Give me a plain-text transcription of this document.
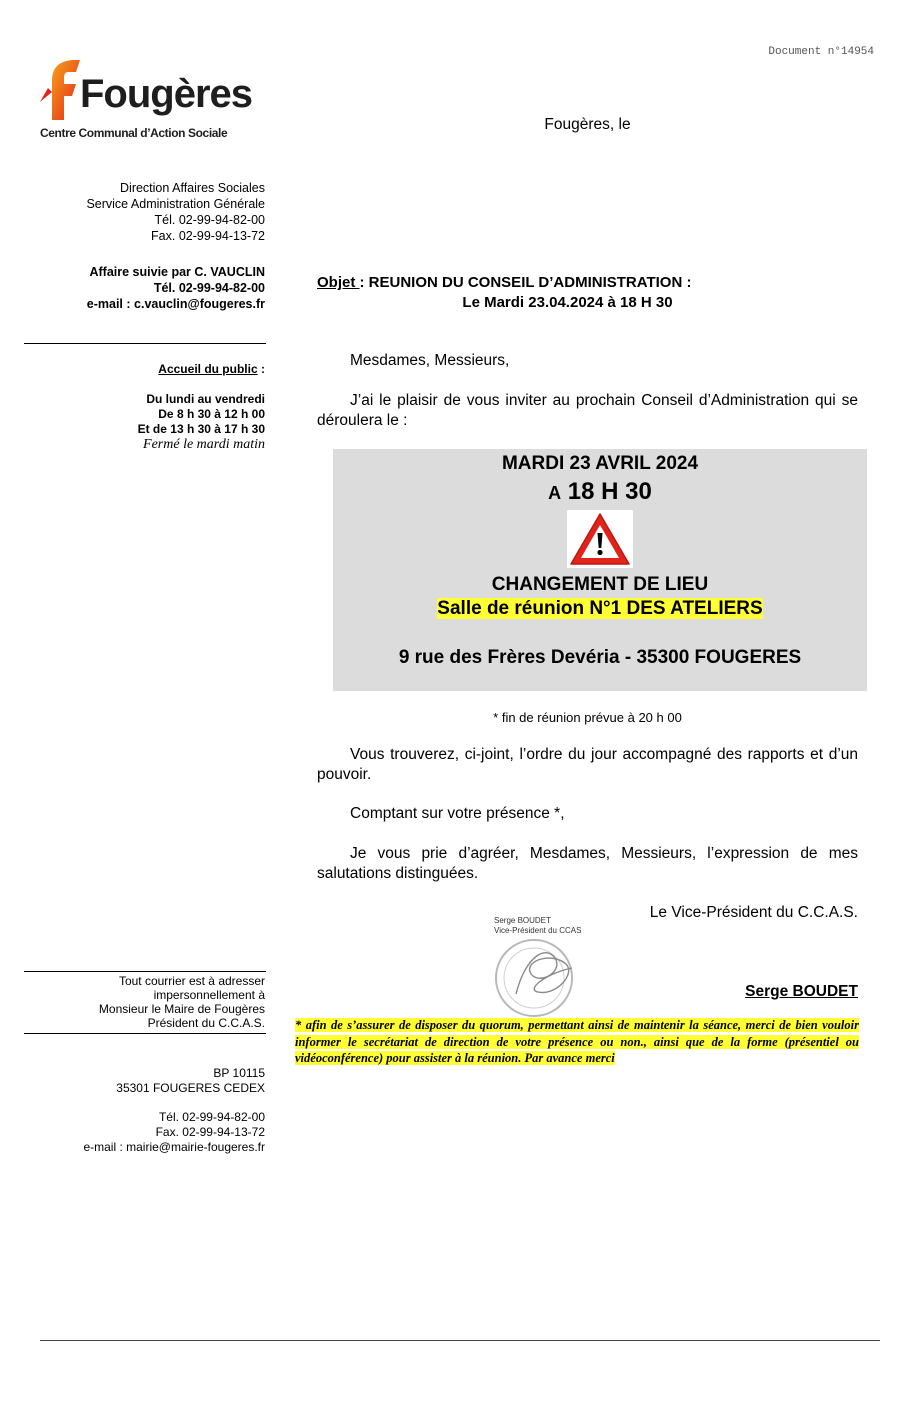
Document n°14954
Fougères
Centre Communal d’Action Sociale
Direction Affaires Sociales
Service Administration Générale
Tél. 02-99-94-82-00
Fax. 02-99-94-13-72
Affaire suivie par C. VAUCLIN
Tél. 02-99-94-82-00
e-mail : c.vauclin@fougeres.fr
Accueil du public :
Du lundi au vendredi
De 8 h 30 à 12 h 00
Et de 13 h 30 à 17 h 30
Fermé le mardi matin
Tout courrier est à adresser
impersonnellement à
Monsieur le Maire de Fougères
Président du C.C.A.S.
BP 10115
35301 FOUGERES CEDEX
Tél. 02-99-94-82-00
Fax. 02-99-94-13-72
e-mail : mairie@mairie-fougeres.fr
Fougères, le
Objet : REUNION DU CONSEIL D’ADMINISTRATION :
Le Mardi 23.04.2024 à 18 H 30
Mesdames, Messieurs,
J’ai le plaisir de vous inviter au prochain Conseil d’Administration qui se déroulera le :
MARDI 23 AVRIL 2024
A 18 H 30
CHANGEMENT DE LIEU
Salle de réunion N°1 DES ATELIERS
9 rue des Frères Devéria - 35300 FOUGERES
* fin de réunion prévue à 20 h 00
Vous trouverez, ci-joint, l’ordre du jour accompagné des rapports et d’un pouvoir.
Comptant sur votre présence *,
Je vous prie d’agréer, Mesdames, Messieurs, l’expression de mes salutations distinguées.
Le Vice-Président du C.C.A.S.
Serge BOUDET
Vice-Président du CCAS
Serge BOUDET
* afin de s’assurer de disposer du quorum, permettant ainsi de maintenir la séance, merci de bien vouloir informer le secrétariat de direction de votre présence ou non., ainsi que de la forme (présentiel ou vidéoconférence) pour assister à la réunion. Par avance merci
